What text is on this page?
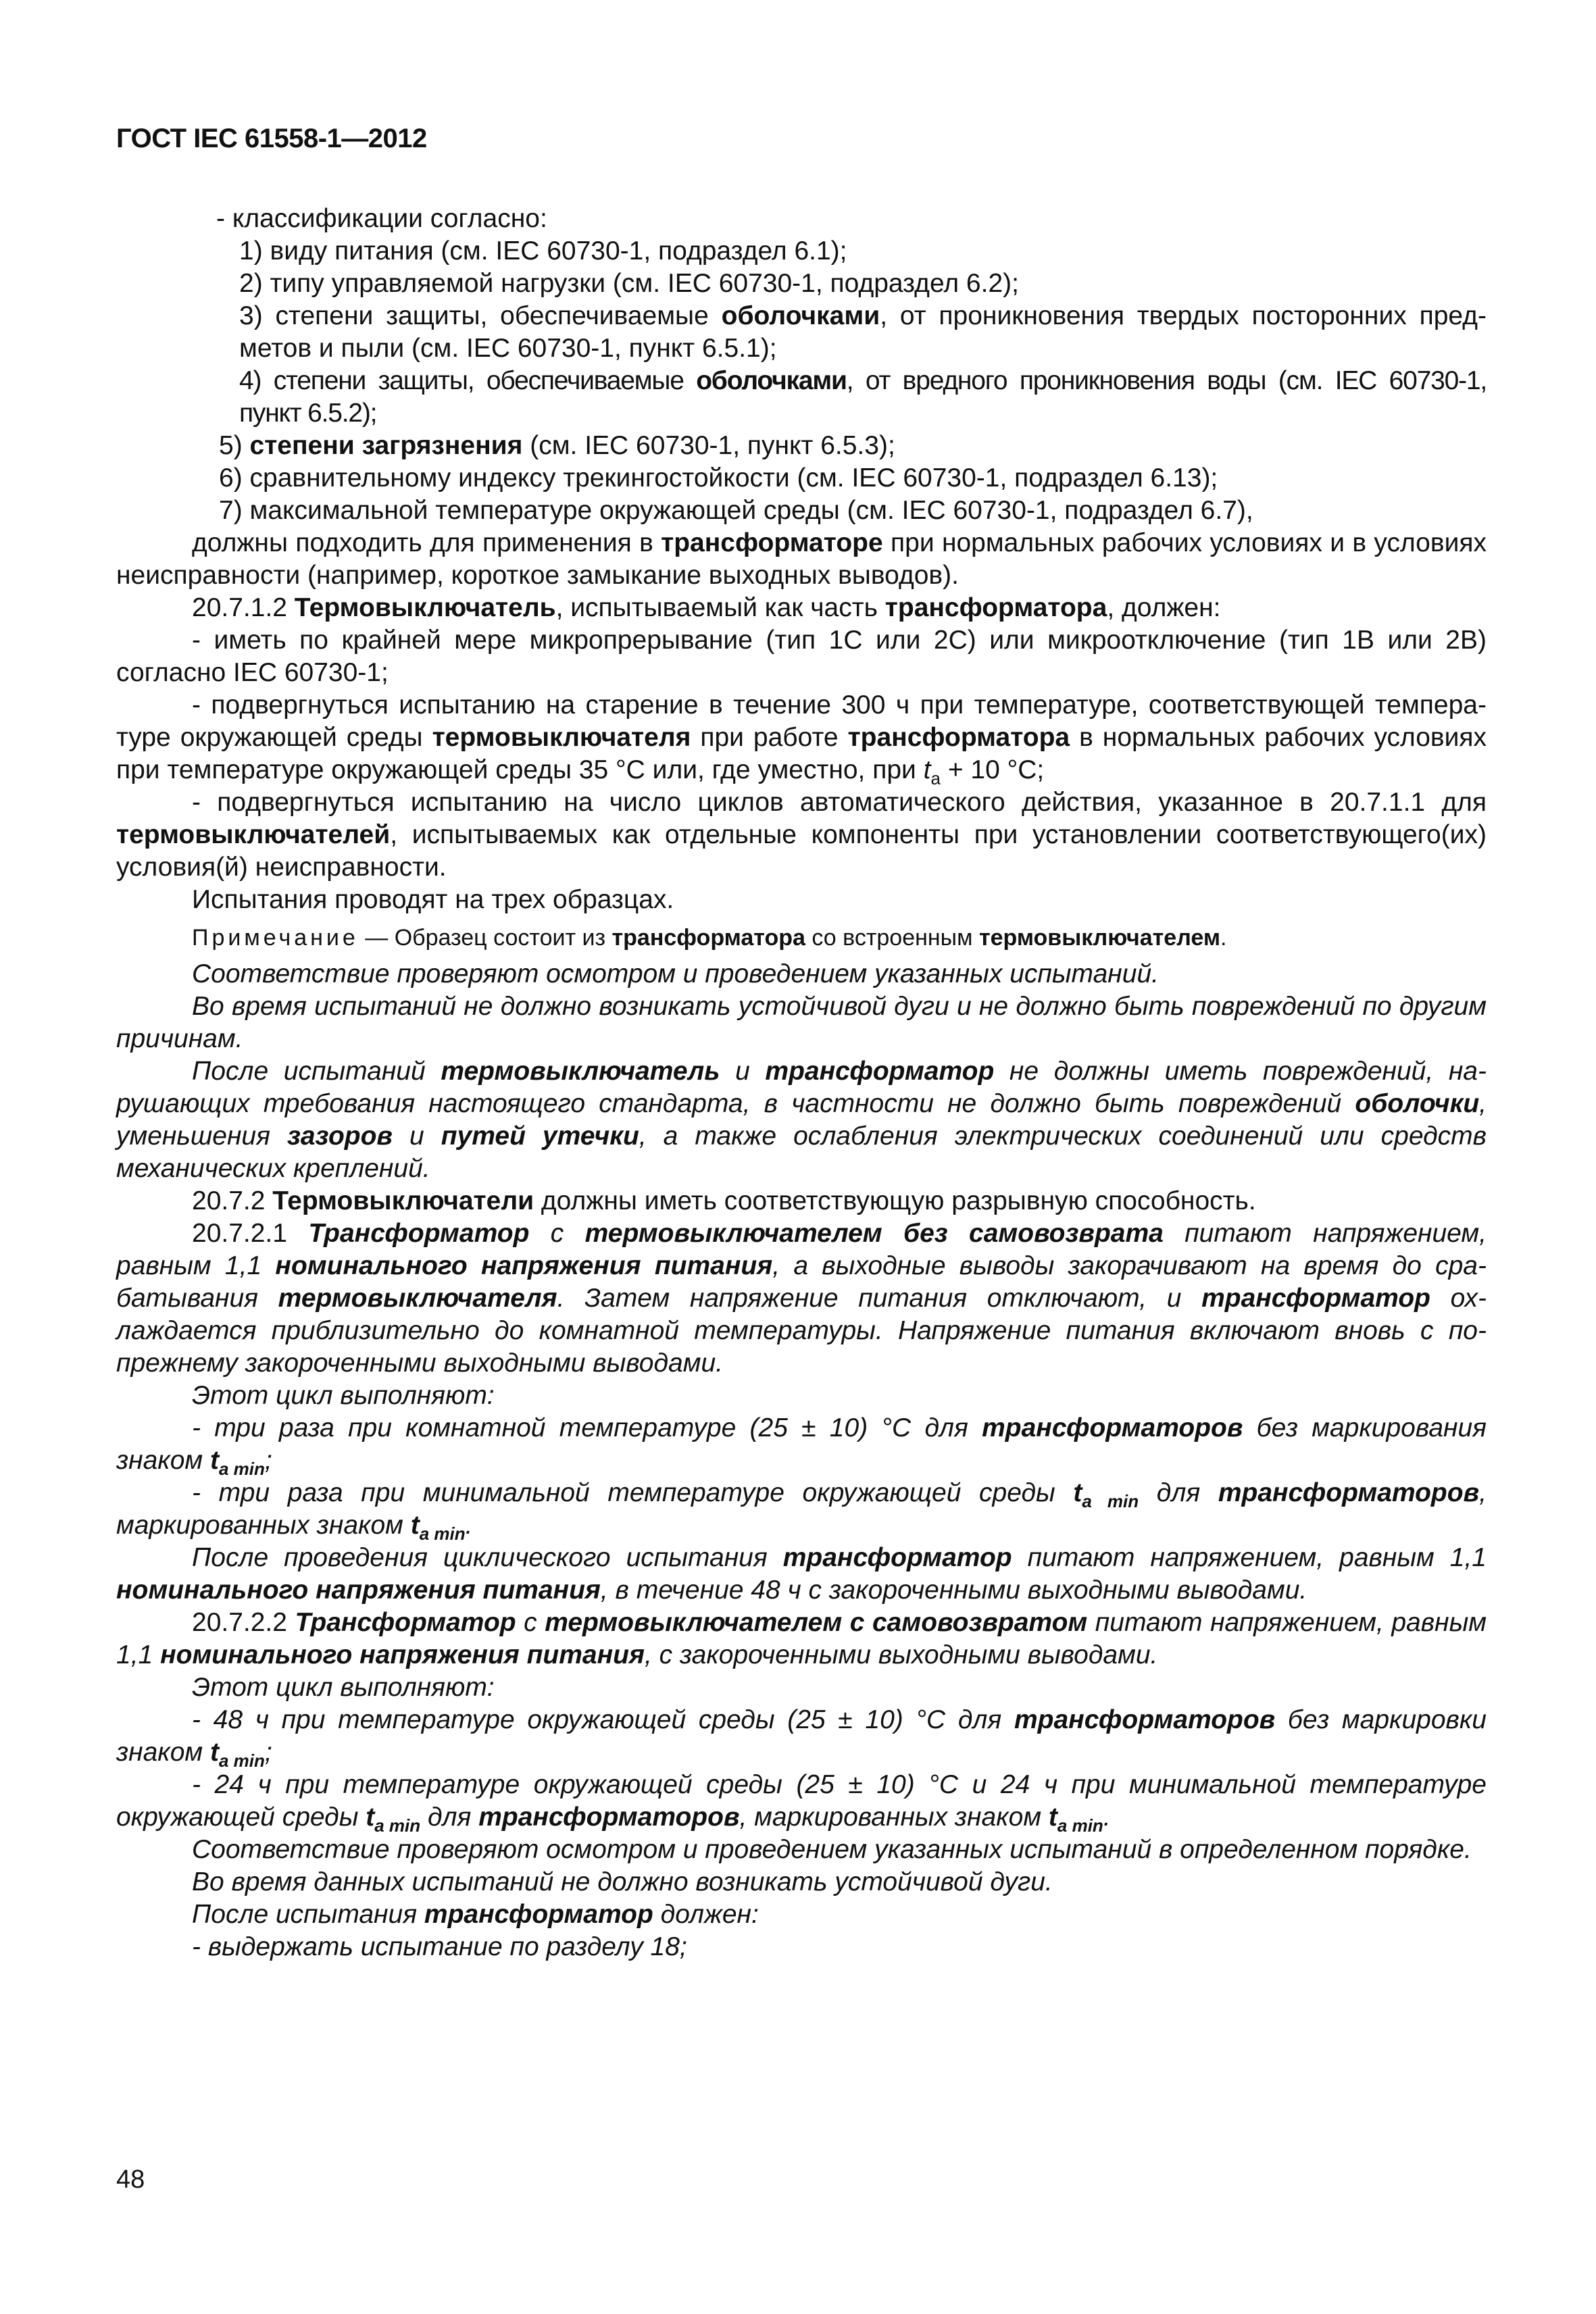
ГОСТ IEC 61558-1—2012

- классификации согласно:

1) виду питания (см. IEC 60730-1, подраздел 6.1);

2) типу управляемой нагрузки (см. IEC 60730-1, подраздел 6.2);

3) степени защиты, обеспечиваемые оболочками, от проникновения твердых посторонних предметов и пыли (см. IEC 60730-1, пункт 6.5.1);

4) степени защиты, обеспечиваемые оболочками, от вредного проникновения воды (см. IEC 60730-1, пункт 6.5.2);

5) степени загрязнения (см. IEC 60730-1, пункт 6.5.3);

6) сравнительному индексу трекингостойкости (см. IEC 60730-1, подраздел 6.13);

7) максимальной температуре окружающей среды (см. IEC 60730-1, подраздел 6.7),

должны подходить для применения в трансформаторе при нормальных рабочих условиях и в условиях неисправности (например, короткое замыкание выходных выводов).

20.7.1.2 Термовыключатель, испытываемый как часть трансформатора, должен:

- иметь по крайней мере микропрерывание (тип 1C или 2C) или микроотключение (тип 1B или 2B) согласно IEC 60730-1;

- подвергнуться испытанию на старение в течение 300 ч при температуре, соответствующей температуре окружающей среды термовыключателя при работе трансформатора в нормальных рабочих условиях при температуре окружающей среды 35 °С или, где уместно, при $t_a + 10$ °С;

- подвергнуться испытанию на число циклов автоматического действия, указанное в 20.7.1.1 для термовыключателей, испытываемых как отдельные компоненты при установлении соответствующего(их) условия(й) неисправности.

Испытания проводят на трех образцах.

Примечание — Образец состоит из трансформатора со встроенным термовыключателем.

Соответствие проверяют осмотром и проведением указанных испытаний.

Во время испытаний не должно возникать устойчивой дуги и не должно быть повреждений по другим причинам.

После испытаний термовыключатель и трансформатор не должны иметь повреждений, нарушающих требования настоящего стандарта, в частности не должно быть повреждений оболочки, уменьшения зазоров и путей утечки, а также ослабления электрических соединений или средств механических креплений.

20.7.2 Термовыключатели должны иметь соответствующую разрывную способность.

20.7.2.1 Трансформатор с термовыключателем без самовозврата питают напряжением, равным 1,1 номинального напряжения питания, а выходные выводы закорачивают на время до срабатывания термовыключателя. Затем напряжение питания отключают, и трансформатор охлаждается приблизительно до комнатной температуры. Напряжение питания включают вновь с попрежнему закороченными выходными выводами.

Этот цикл выполняют:

- три раза при комнатной температуре (25 ± 10) °С для трансформаторов без маркирования знаком $t_{a min}$;

- три раза при минимальной температуре окружающей среды $t_{a min}$ для трансформаторов, маркированных знаком $t_{a min}$.

После проведения циклического испытания трансформатор питают напряжением, равным 1,1 номинального напряжения питания, в течение 48 ч с закороченными выходными выводами.

20.7.2.2 Трансформатор с термовыключателем с самовозвратом питают напряжением, равным 1,1 номинального напряжения питания, с закороченными выходными выводами.

Этот цикл выполняют:

- 48 ч при температуре окружающей среды (25 ± 10) °С для трансформаторов без маркировки знаком $t_{a min}$;

- 24 ч при температуре окружающей среды (25 ± 10) °С и 24 ч при минимальной температуре окружающей среды $t_{a min}$ для трансформаторов, маркированных знаком $t_{a min}$.

Соответствие проверяют осмотром и проведением указанных испытаний в определенном порядке.

Во время данных испытаний не должно возникать устойчивой дуги.

После испытания трансформатор должен:

- выдержать испытание по разделу 18;

48
